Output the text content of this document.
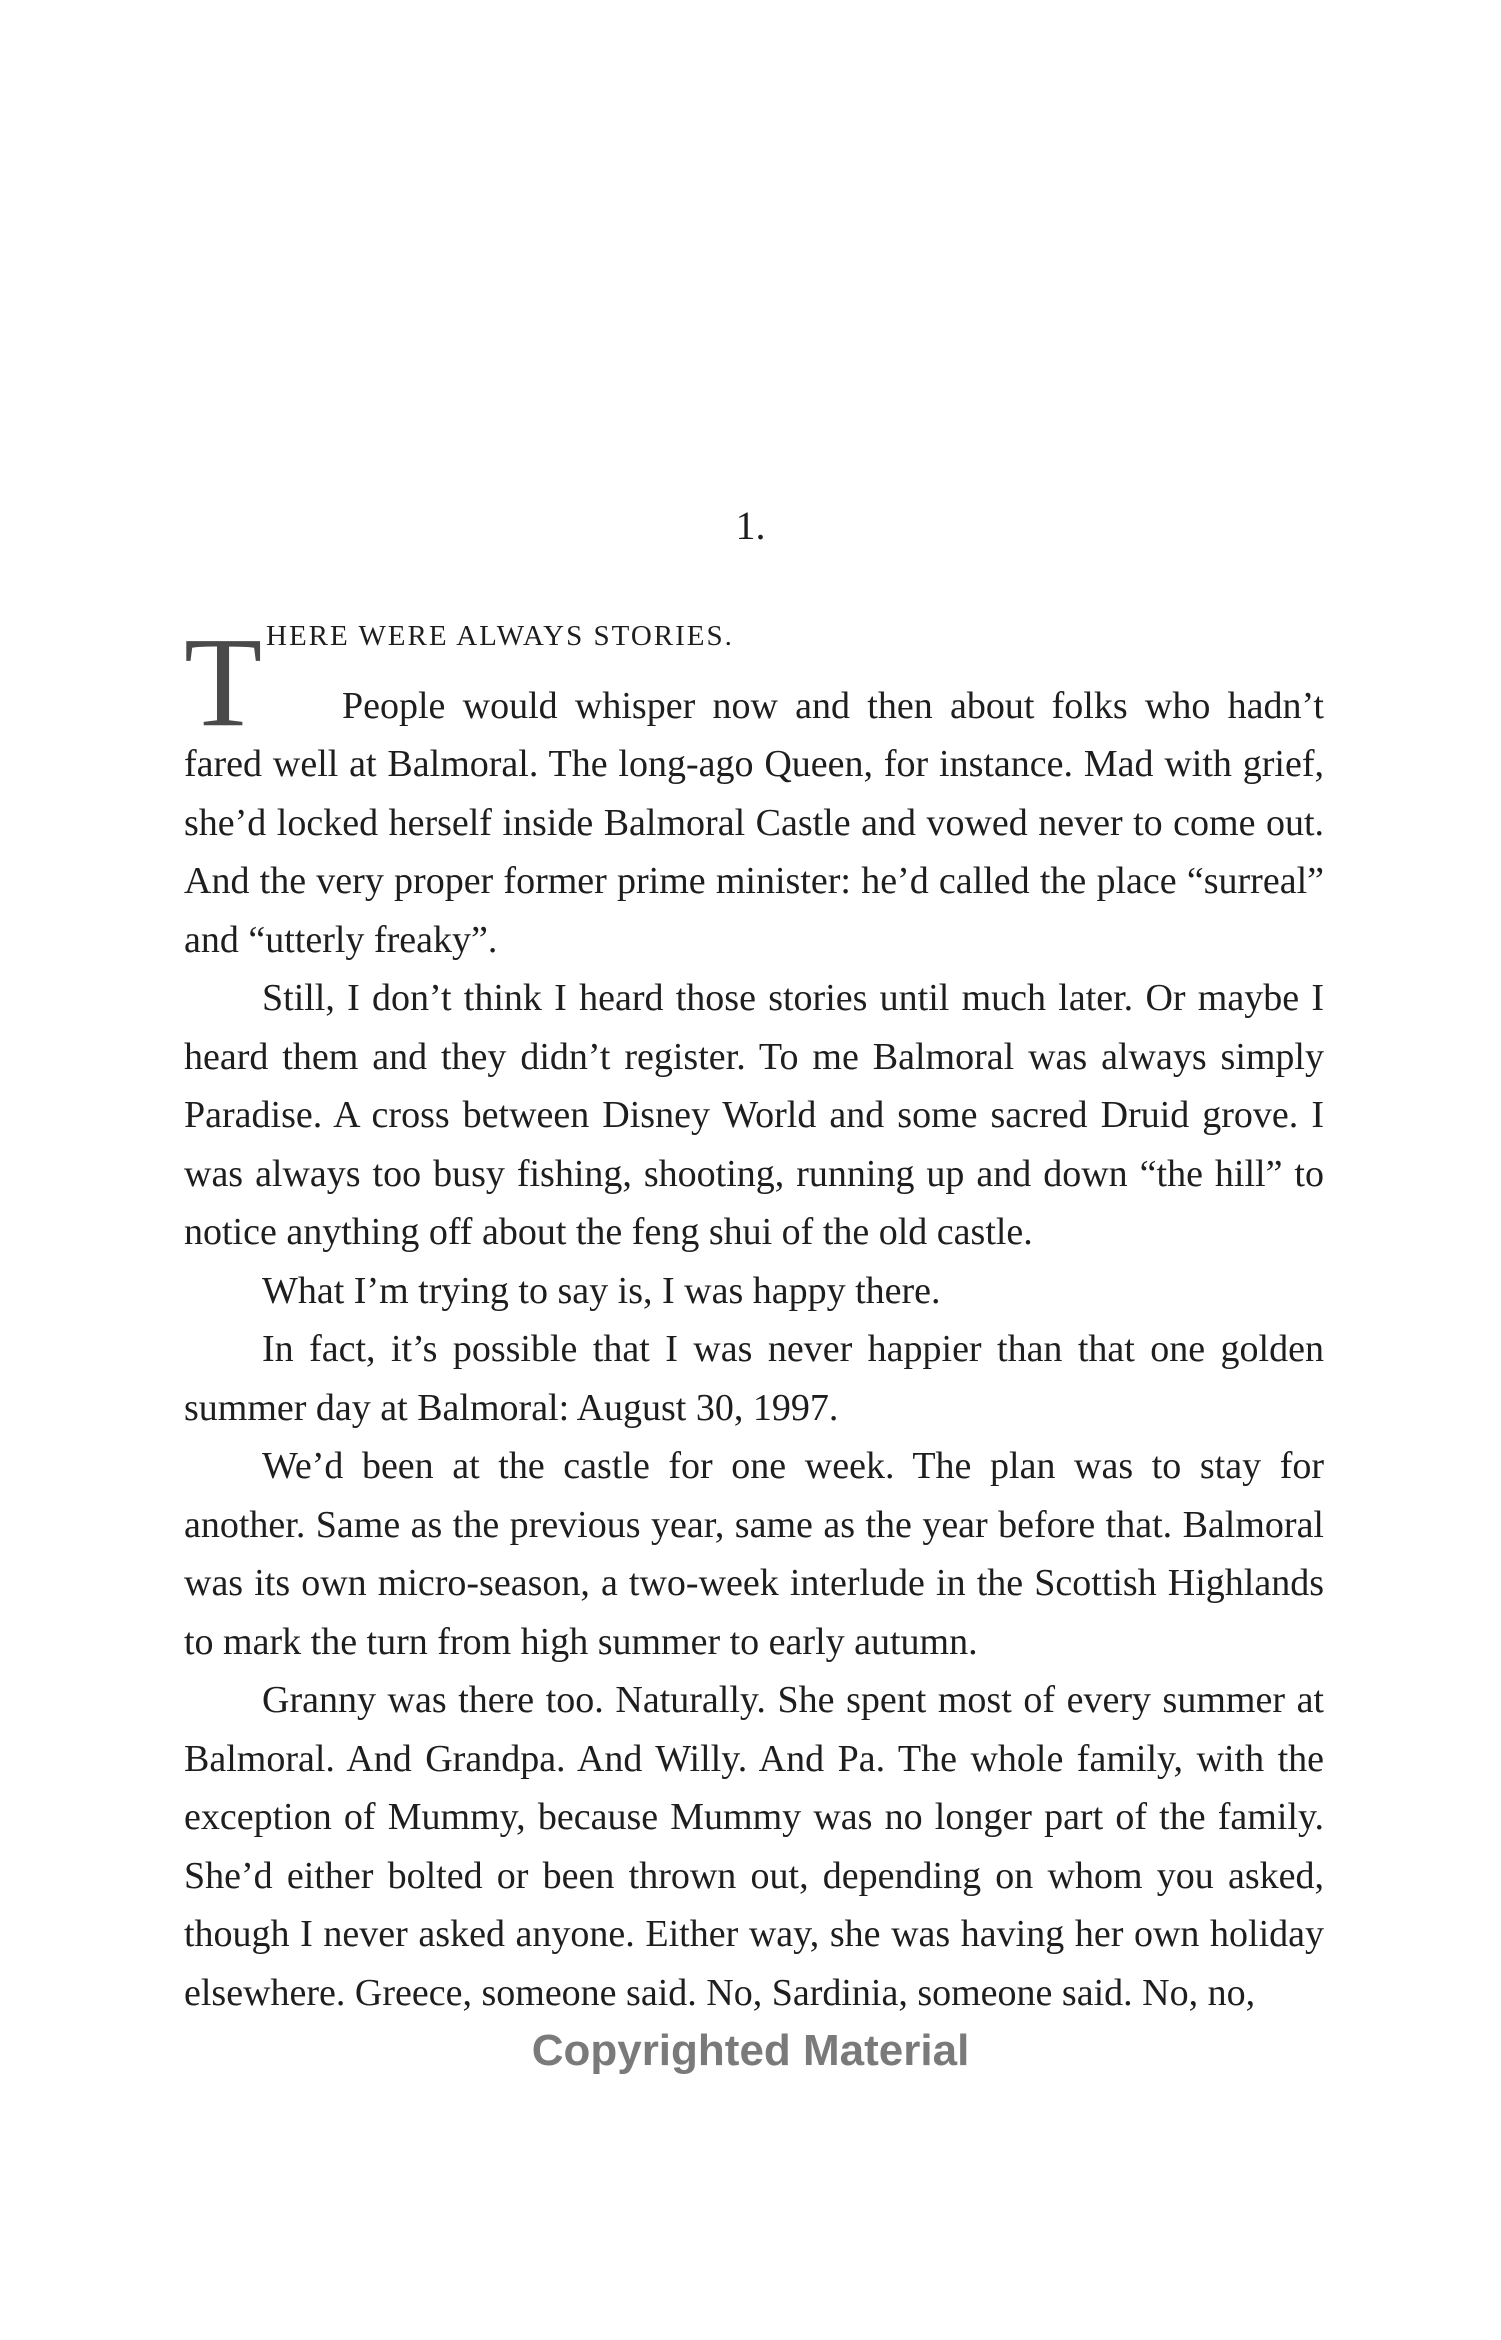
1.
T HERE WERE ALWAYS STORIES.

People would whisper now and then about folks who hadn’t fared well at Balmoral. The long-ago Queen, for instance. Mad with grief, she’d locked herself inside Balmoral Castle and vowed never to come out. And the very proper former prime minister: he’d called the place “surreal” and “utterly freaky”.

Still, I don’t think I heard those stories until much later. Or maybe I heard them and they didn’t register. To me Balmoral was always simply Paradise. A cross between Disney World and some sacred Druid grove. I was always too busy fishing, shooting, running up and down “the hill” to notice anything off about the feng shui of the old castle.

What I’m trying to say is, I was happy there.

In fact, it’s possible that I was never happier than that one golden summer day at Balmoral: August 30, 1997.

We’d been at the castle for one week. The plan was to stay for another. Same as the previous year, same as the year before that. Balmoral was its own micro-season, a two-week interlude in the Scottish Highlands to mark the turn from high summer to early autumn.

Granny was there too. Naturally. She spent most of every summer at Balmoral. And Grandpa. And Willy. And Pa. The whole family, with the exception of Mummy, because Mummy was no longer part of the family. She’d either bolted or been thrown out, depending on whom you asked, though I never asked anyone. Either way, she was having her own holiday elsewhere. Greece, someone said. No, Sardinia, someone said. No, no,

Copyrighted Material
